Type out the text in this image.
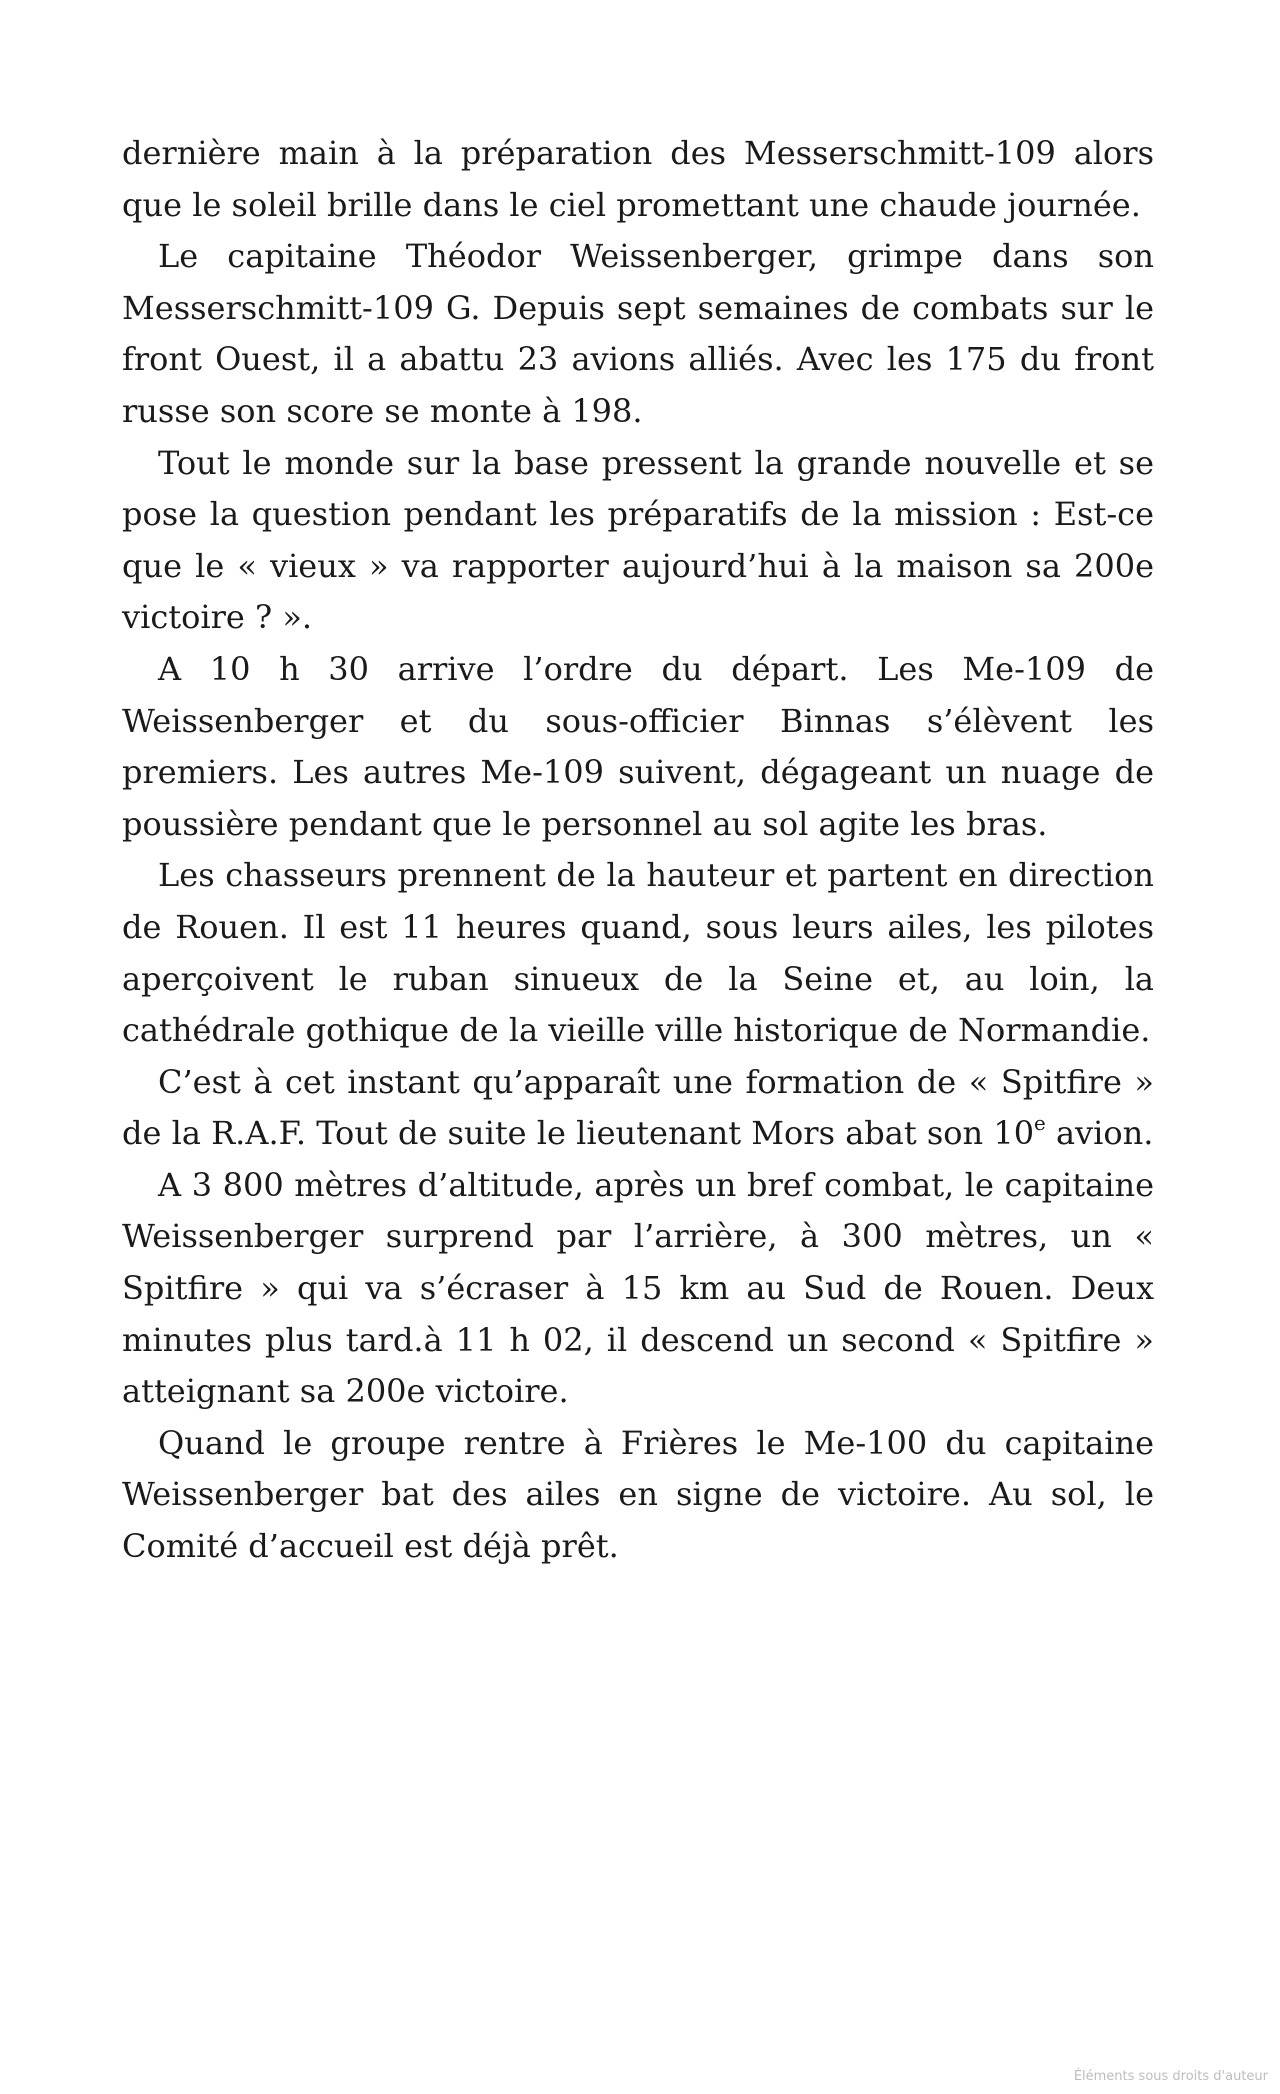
dernière main à la préparation des Messerschmitt-109 alors que le soleil brille dans le ciel promettant une chaude journée.

Le capitaine Théodor Weissenberger, grimpe dans son Messerschmitt-109 G. Depuis sept semaines de combats sur le front Ouest, il a abattu 23 avions alliés. Avec les 175 du front russe son score se monte à 198.

Tout le monde sur la base pressent la grande nouvelle et se pose la question pendant les préparatifs de la mission : Est-ce que le « vieux » va rapporter aujourd’hui à la maison sa 200e victoire ? ».

A 10 h 30 arrive l’ordre du départ. Les Me-109 de Weissenberger et du sous-officier Binnas s’élèvent les premiers. Les autres Me-109 suivent, dégageant un nuage de poussière pendant que le personnel au sol agite les bras.

Les chasseurs prennent de la hauteur et partent en direction de Rouen. Il est 11 heures quand, sous leurs ailes, les pilotes aperçoivent le ruban sinueux de la Seine et, au loin, la cathédrale gothique de la vieille ville historique de Normandie.

C’est à cet instant qu’apparaît une formation de « Spitfire » de la R.A.F. Tout de suite le lieutenant Mors abat son 10e avion.

A 3 800 mètres d’altitude, après un bref combat, le capitaine Weissenberger surprend par l’arrière, à 300 mètres, un « Spitfire » qui va s’écraser à 15 km au Sud de Rouen. Deux minutes plus tard.à 11 h 02, il descend un second « Spitfire » atteignant sa 200e victoire.

Quand le groupe rentre à Frières le Me-100 du capitaine Weissenberger bat des ailes en signe de victoire. Au sol, le Comité d’accueil est déjà prêt.

Éléments sous droits d'auteur
